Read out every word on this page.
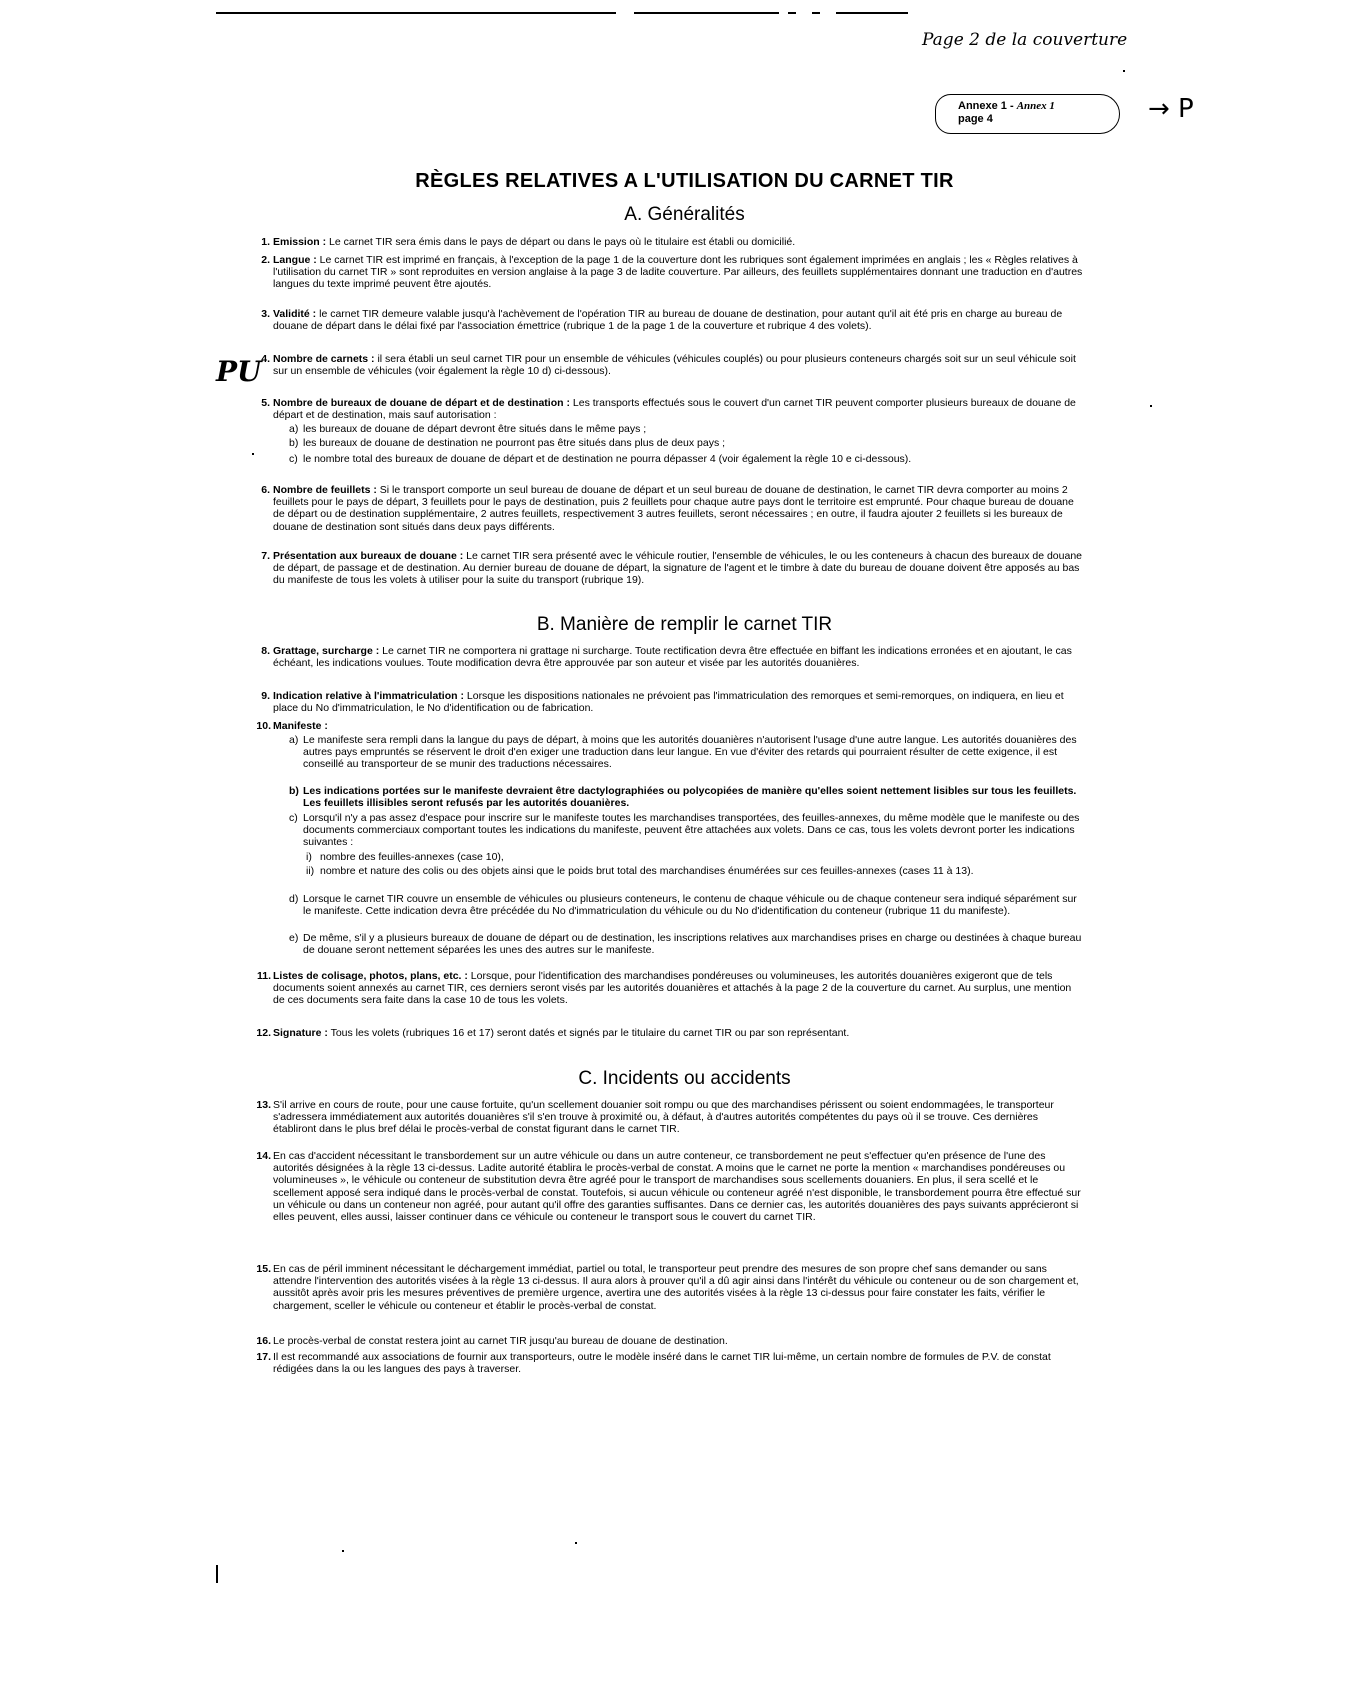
Page 2 de la couverture
Annexe 1 - Annex 1
page 4	→ P
PU
RÈGLES RELATIVES A L'UTILISATION DU CARNET TIR
A. Généralités
1. Emission : Le carnet TIR sera émis dans le pays de départ ou dans le pays où le titulaire est établi ou domicilié.
2. Langue : Le carnet TIR est imprimé en français, à l'exception de la page 1 de la couverture dont les rubriques sont également imprimées en anglais ; les « Règles relatives à l'utilisation du carnet TIR » sont reproduites en version anglaise à la page 3 de ladite couverture. Par ailleurs, des feuillets supplémentaires donnant une traduction en d'autres langues du texte imprimé peuvent être ajoutés.
3. Validité : le carnet TIR demeure valable jusqu'à l'achèvement de l'opération TIR au bureau de douane de destination, pour autant qu'il ait été pris en charge au bureau de douane de départ dans le délai fixé par l'association émettrice (rubrique 1 de la page 1 de la couverture et rubrique 4 des volets).
4. Nombre de carnets : il sera établi un seul carnet TIR pour un ensemble de véhicules (véhicules couplés) ou pour plusieurs conteneurs chargés soit sur un seul véhicule soit sur un ensemble de véhicules (voir également la règle 10 d) ci-dessous).
5. Nombre de bureaux de douane de départ et de destination : Les transports effectués sous le couvert d'un carnet TIR peuvent comporter plusieurs bureaux de douane de départ et de destination, mais sauf autorisation :
a) les bureaux de douane de départ devront être situés dans le même pays ;
b) les bureaux de douane de destination ne pourront pas être situés dans plus de deux pays ;
c) le nombre total des bureaux de douane de départ et de destination ne pourra dépasser 4 (voir également la règle 10 e ci-dessous).
6. Nombre de feuillets : Si le transport comporte un seul bureau de douane de départ et un seul bureau de douane de destination, le carnet TIR devra comporter au moins 2 feuillets pour le pays de départ, 3 feuillets pour le pays de destination, puis 2 feuillets pour chaque autre pays dont le territoire est emprunté. Pour chaque bureau de douane de départ ou de destination supplémentaire, 2 autres feuillets, respectivement 3 autres feuillets, seront nécessaires ; en outre, il faudra ajouter 2 feuillets si les bureaux de douane de destination sont situés dans deux pays différents.
7. Présentation aux bureaux de douane : Le carnet TIR sera présenté avec le véhicule routier, l'ensemble de véhicules, le ou les conteneurs à chacun des bureaux de douane de départ, de passage et de destination. Au dernier bureau de douane de départ, la signature de l'agent et le timbre à date du bureau de douane doivent être apposés au bas du manifeste de tous les volets à utiliser pour la suite du transport (rubrique 19).
B. Manière de remplir le carnet TIR
8. Grattage, surcharge : Le carnet TIR ne comportera ni grattage ni surcharge. Toute rectification devra être effectuée en biffant les indications erronées et en ajoutant, le cas échéant, les indications voulues. Toute modification devra être approuvée par son auteur et visée par les autorités douanières.
9. Indication relative à l'immatriculation : Lorsque les dispositions nationales ne prévoient pas l'immatriculation des remorques et semi-remorques, on indiquera, en lieu et place du No d'immatriculation, le No d'identification ou de fabrication.
10. Manifeste :
a) Le manifeste sera rempli dans la langue du pays de départ, à moins que les autorités douanières n'autorisent l'usage d'une autre langue. Les autorités douanières des autres pays empruntés se réservent le droit d'en exiger une traduction dans leur langue. En vue d'éviter des retards qui pourraient résulter de cette exigence, il est conseillé au transporteur de se munir des traductions nécessaires.
b) Les indications portées sur le manifeste devraient être dactylographiées ou polycopiées de manière qu'elles soient nettement lisibles sur tous les feuillets. Les feuillets illisibles seront refusés par les autorités douanières.
c) Lorsqu'il n'y a pas assez d'espace pour inscrire sur le manifeste toutes les marchandises transportées, des feuilles-annexes, du même modèle que le manifeste ou des documents commerciaux comportant toutes les indications du manifeste, peuvent être attachées aux volets. Dans ce cas, tous les volets devront porter les indications suivantes :
i) nombre des feuilles-annexes (case 10),
ii) nombre et nature des colis ou des objets ainsi que le poids brut total des marchandises énumérées sur ces feuilles-annexes (cases 11 à 13).
d) Lorsque le carnet TIR couvre un ensemble de véhicules ou plusieurs conteneurs, le contenu de chaque véhicule ou de chaque conteneur sera indiqué séparément sur le manifeste. Cette indication devra être précédée du No d'immatriculation du véhicule ou du No d'identification du conteneur (rubrique 11 du manifeste).
e) De même, s'il y a plusieurs bureaux de douane de départ ou de destination, les inscriptions relatives aux marchandises prises en charge ou destinées à chaque bureau de douane seront nettement séparées les unes des autres sur le manifeste.
11. Listes de colisage, photos, plans, etc. : Lorsque, pour l'identification des marchandises pondéreuses ou volumineuses, les autorités douanières exigeront que de tels documents soient annexés au carnet TIR, ces derniers seront visés par les autorités douanières et attachés à la page 2 de la couverture du carnet. Au surplus, une mention de ces documents sera faite dans la case 10 de tous les volets.
12. Signature : Tous les volets (rubriques 16 et 17) seront datés et signés par le titulaire du carnet TIR ou par son représentant.
C. Incidents ou accidents
13. S'il arrive en cours de route, pour une cause fortuite, qu'un scellement douanier soit rompu ou que des marchandises périssent ou soient endommagées, le transporteur s'adressera immédiatement aux autorités douanières s'il s'en trouve à proximité ou, à défaut, à d'autres autorités compétentes du pays où il se trouve. Ces dernières établiront dans le plus bref délai le procès-verbal de constat figurant dans le carnet TIR.
14. En cas d'accident nécessitant le transbordement sur un autre véhicule ou dans un autre conteneur, ce transbordement ne peut s'effectuer qu'en présence de l'une des autorités désignées à la règle 13 ci-dessus. Ladite autorité établira le procès-verbal de constat. A moins que le carnet ne porte la mention « marchandises pondéreuses ou volumineuses », le véhicule ou conteneur de substitution devra être agréé pour le transport de marchandises sous scellements douaniers. En plus, il sera scellé et le scellement apposé sera indiqué dans le procès-verbal de constat. Toutefois, si aucun véhicule ou conteneur agréé n'est disponible, le transbordement pourra être effectué sur un véhicule ou dans un conteneur non agréé, pour autant qu'il offre des garanties suffisantes. Dans ce dernier cas, les autorités douanières des pays suivants apprécieront si elles peuvent, elles aussi, laisser continuer dans ce véhicule ou conteneur le transport sous le couvert du carnet TIR.
15. En cas de péril imminent nécessitant le déchargement immédiat, partiel ou total, le transporteur peut prendre des mesures de son propre chef sans demander ou sans attendre l'intervention des autorités visées à la règle 13 ci-dessus. Il aura alors à prouver qu'il a dû agir ainsi dans l'intérêt du véhicule ou conteneur ou de son chargement et, aussitôt après avoir pris les mesures préventives de première urgence, avertira une des autorités visées à la règle 13 ci-dessus pour faire constater les faits, vérifier le chargement, sceller le véhicule ou conteneur et établir le procès-verbal de constat.
16. Le procès-verbal de constat restera joint au carnet TIR jusqu'au bureau de douane de destination.
17. Il est recommandé aux associations de fournir aux transporteurs, outre le modèle inséré dans le carnet TIR lui-même, un certain nombre de formules de P.V. de constat rédigées dans la ou les langues des pays à traverser.
